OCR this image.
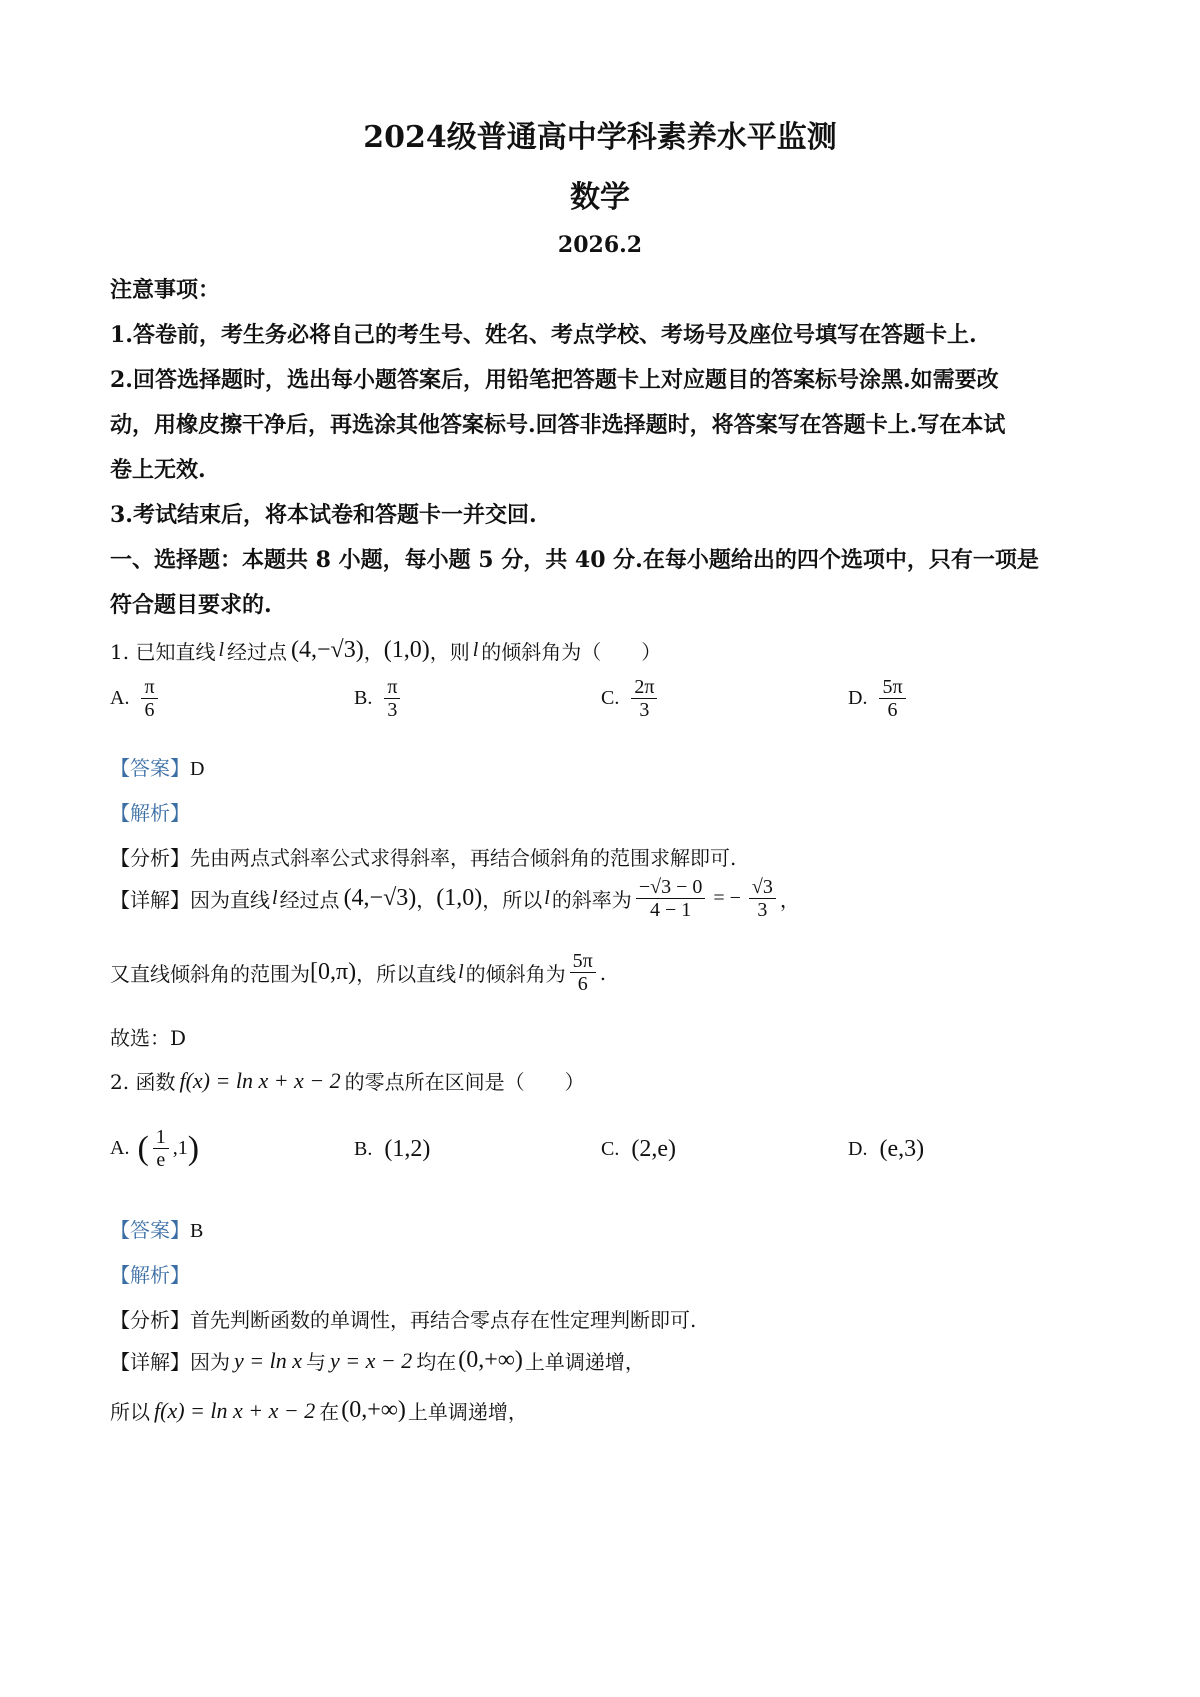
2024级普通高中学科素养水平监测
数学
2026.2
注意事项：
1.答卷前，考生务必将自己的考生号、姓名、考点学校、考场号及座位号填写在答题卡上.
2.回答选择题时，选出每小题答案后，用铅笔把答题卡上对应题目的答案标号涂黑.如需要改
动，用橡皮擦干净后，再选涂其他答案标号.回答非选择题时，将答案写在答题卡上.写在本试
卷上无效.
3.考试结束后，将本试卷和答题卡一并交回.
一、选择题：本题共 8 小题，每小题 5 分，共 40 分.在每小题给出的四个选项中，只有一项是
符合题目要求的.
1. 已知直线 l 经过点 (4,−√3) ， (1,0) ，则 l 的倾斜角为（　　）
A. $\frac{\pi}{6}$	B. $\frac{\pi}{3}$	C. $\frac{2\pi}{3}$	D. $\frac{5\pi}{6}$
【答案】D
【解析】
【分析】先由两点式斜率公式求得斜率，再结合倾斜角的范围求解即可.
【详解】 因为直线 l 经过点 (4,−√3) ， (1,0) ，所以 l 的斜率为 $\frac{-√3 - 0}{4 - 1}$ = − $\frac{√3}{3}$ ，
又直线倾斜角的范围为 [0,π) ，所以直线 l 的倾斜角为 $\frac{5\pi}{6}$ .
故选：D
2. 函数 f(x) = ln x + x − 2 的零点所在区间是（　　）
A. ( $\frac{1}{e} ,1$ )	B. (1,2)	C. (2,e)	D. (e,3)
【答案】B
【解析】
【分析】首先判断函数的单调性，再结合零点存在性定理判断即可.
【详解】 因为 y = ln x 与 y = x − 2 均在 (0,+∞) 上单调递增，
所以 f(x) = ln x + x − 2 在 (0,+∞) 上单调递增，
